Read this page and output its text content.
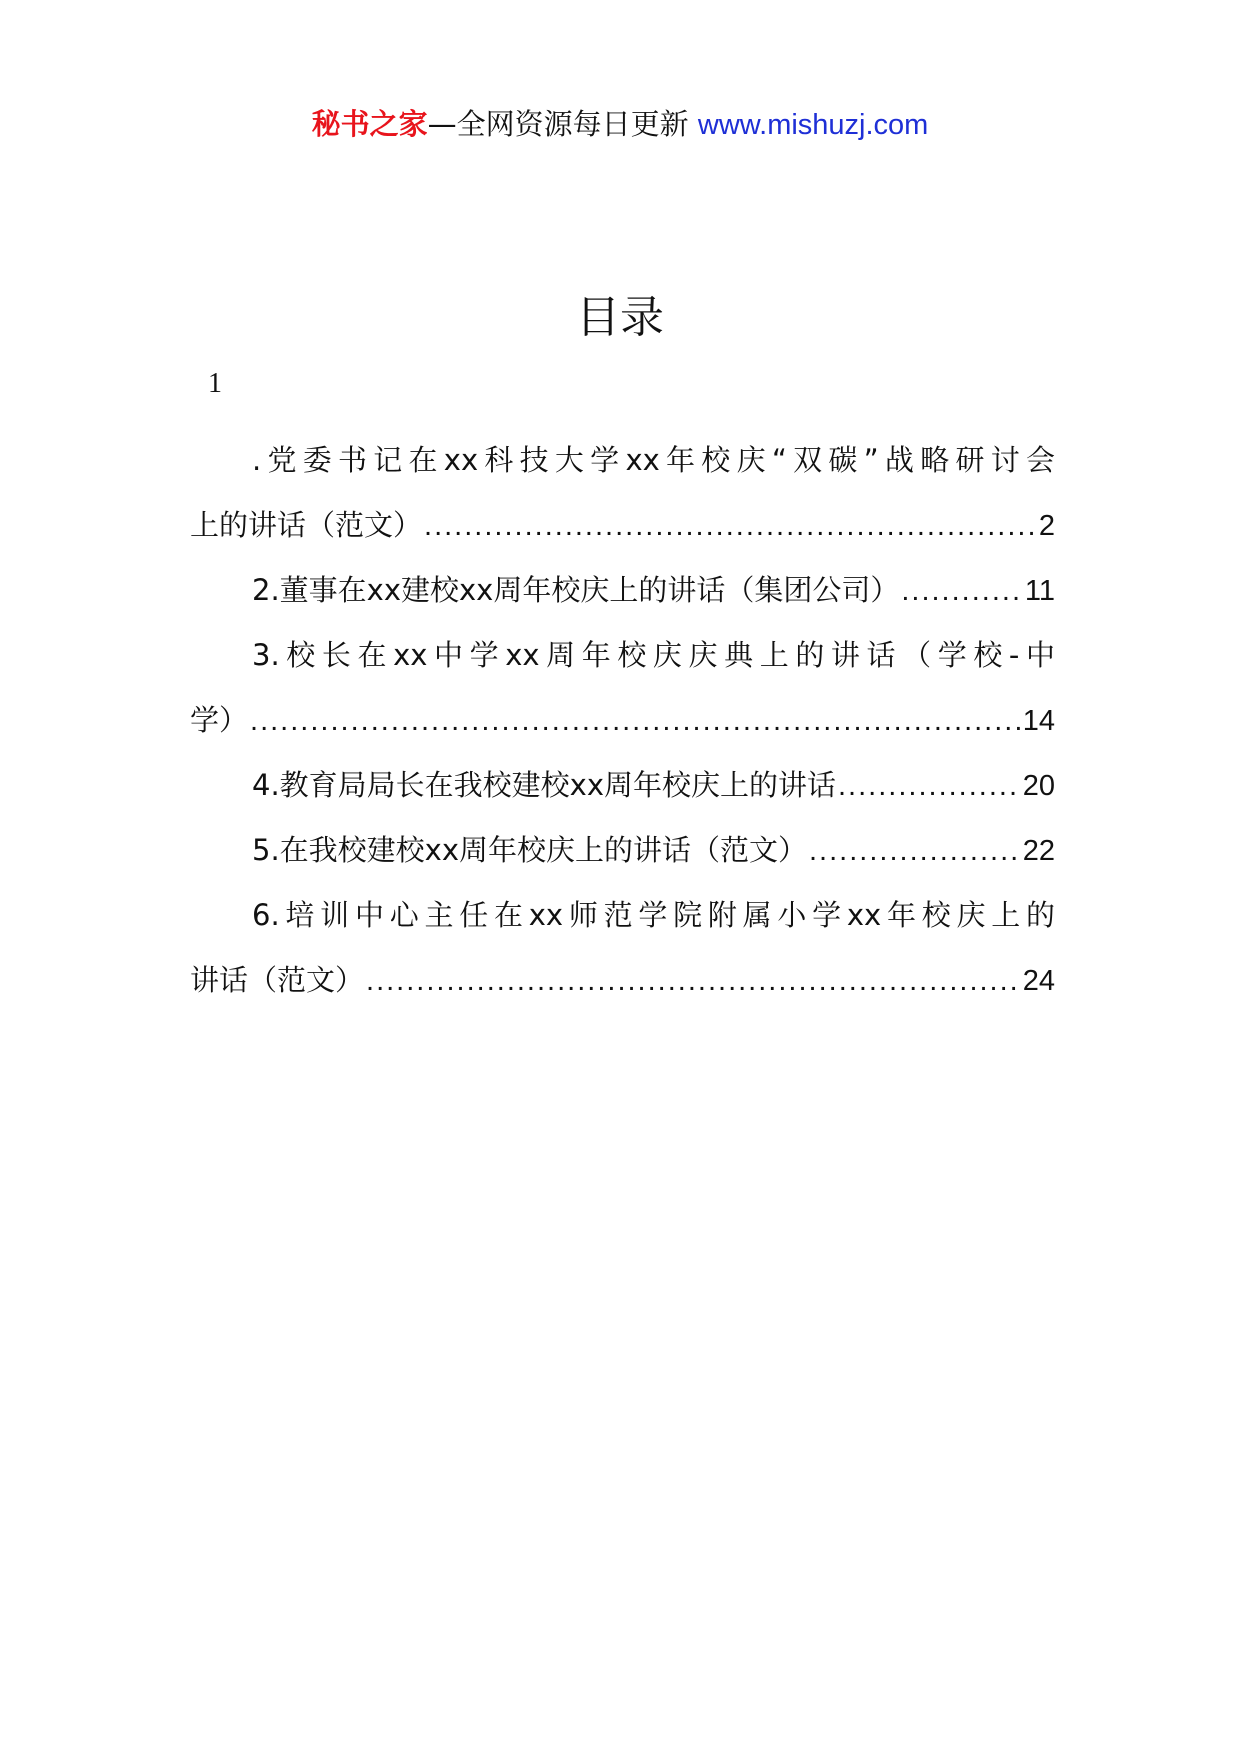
秘书之家—全网资源每日更新 www.mishuzj.com
目录
1
.党委书记在xx科技大学xx年校庆“双碳”战略研讨会
上的讲话（范文） .....	2
2.董事在xx建校xx周年校庆上的讲话（集团公司） .....	11
3.校长在xx中学xx周年校庆庆典上的讲话（学校-中
学） .....	14
4.教育局局长在我校建校xx周年校庆上的讲话 .....	20
5.在我校建校xx周年校庆上的讲话（范文） .....	22
6.培训中心主任在xx师范学院附属小学xx年校庆上的
讲话（范文） .....	24
